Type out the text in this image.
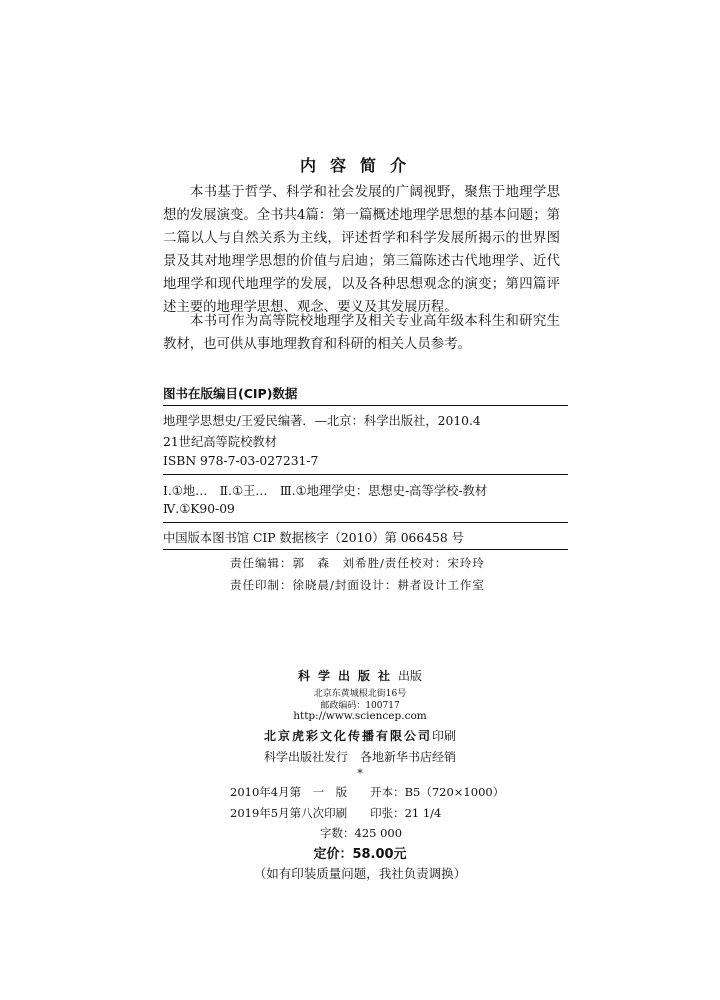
内容简介

本书基于哲学、科学和社会发展的广阔视野，聚焦于地理学思想的发展演变。全书共4篇：第一篇概述地理学思想的基本问题；第二篇以人与自然关系为主线，评述哲学和科学发展所揭示的世界图景及其对地理学思想的价值与启迪；第三篇陈述古代地理学、近代地理学和现代地理学的发展，以及各种思想观念的演变；第四篇评述主要的地理学思想、观念、要义及其发展历程。

本书可作为高等院校地理学及相关专业高年级本科生和研究生教材，也可供从事地理教育和科研的相关人员参考。

图书在版编目(CIP)数据
地理学思想史/王爱民编著．—北京：科学出版社，2010.4
21世纪高等院校教材
ISBN 978-7-03-027231-7
Ⅰ.①地…　Ⅱ.①王…　Ⅲ.①地理学史：思想史-高等学校-教材
Ⅳ.①K90-09
中国版本图书馆 CIP 数据核字（2010）第 066458 号
责任编辑：郭　森　刘希胜/责任校对：宋玲玲
责任印制：徐晓晨/封面设计：耕者设计工作室
科学出版社出版
北京东黄城根北街16号
邮政编码：100717
http://www.sciencep.com
北京虎彩文化传播有限公司印刷
科学出版社发行　各地新华书店经销
*
2010年4月第　一　版　　开本：B5（720×1000）
2019年5月第八次印刷　　印张：21 1/4
字数：425 000
定价：58.00元
（如有印装质量问题，我社负责调换）
